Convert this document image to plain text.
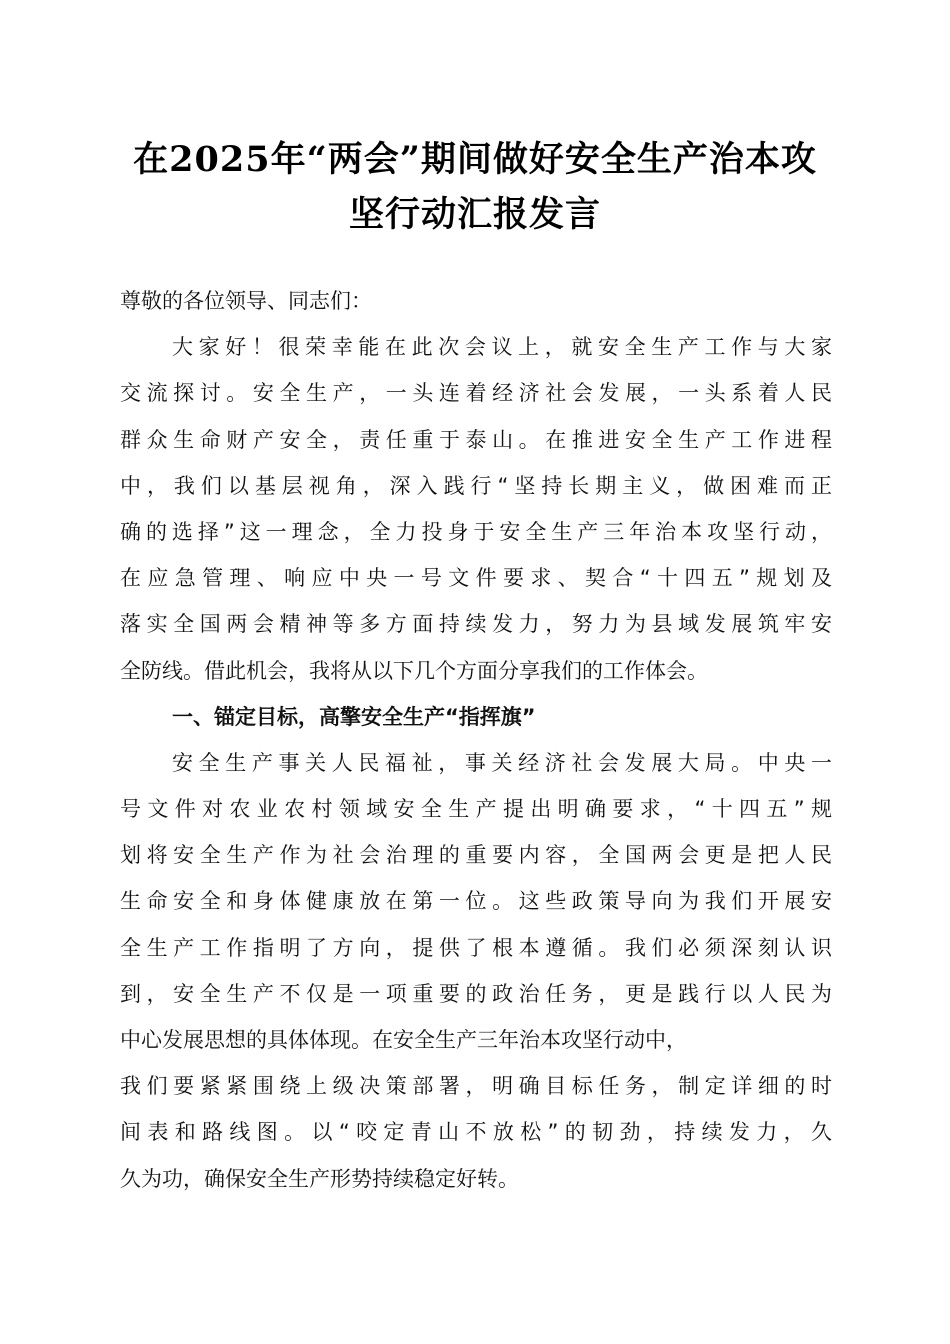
在2025年“两会”期间做好安全生产治本攻
坚行动汇报发言
尊敬的各位领导、同志们：
大家好！很荣幸能在此次会议上，就安全生产工作与大家
交流探讨。安全生产，一头连着经济社会发展，一头系着人民
群众生命财产安全，责任重于泰山。在推进安全生产工作进程
中，我们以基层视角，深入践行“坚持长期主义，做困难而正
确的选择”这一理念，全力投身于安全生产三年治本攻坚行动，
在应急管理、响应中央一号文件要求、契合“十四五”规划及
落实全国两会精神等多方面持续发力，努力为县域发展筑牢安
全防线。借此机会，我将从以下几个方面分享我们的工作体会。
一、锚定目标，高擎安全生产“指挥旗”
安全生产事关人民福祉，事关经济社会发展大局。中央一
号文件对农业农村领域安全生产提出明确要求，“十四五”规
划将安全生产作为社会治理的重要内容，全国两会更是把人民
生命安全和身体健康放在第一位。这些政策导向为我们开展安
全生产工作指明了方向，提供了根本遵循。我们必须深刻认识
到，安全生产不仅是一项重要的政治任务，更是践行以人民为
中心发展思想的具体体现。在安全生产三年治本攻坚行动中，
我们要紧紧围绕上级决策部署，明确目标任务，制定详细的时
间表和路线图。以“咬定青山不放松”的韧劲，持续发力，久
久为功，确保安全生产形势持续稳定好转。
